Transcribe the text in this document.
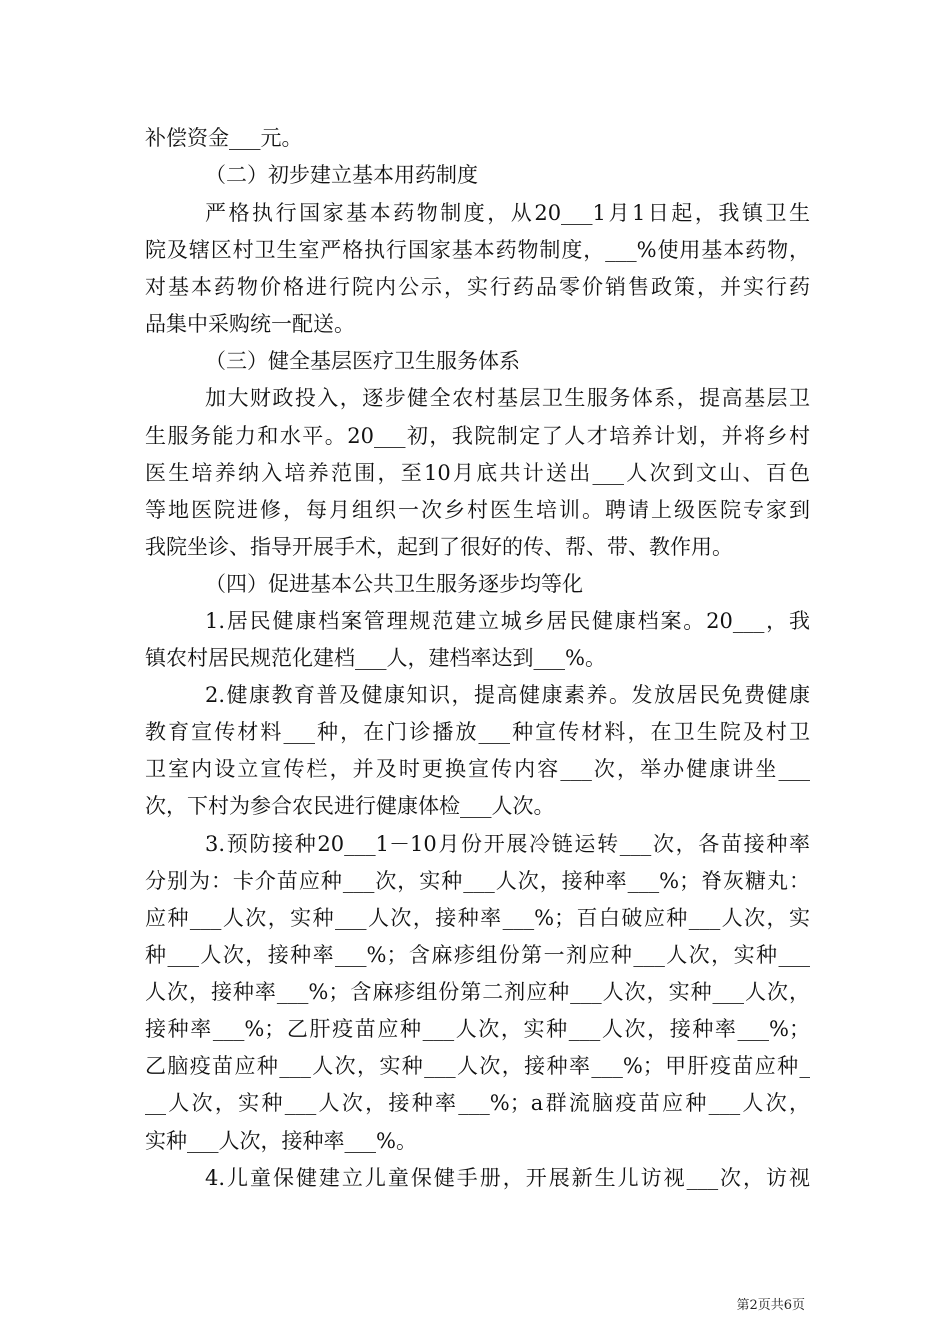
补偿资金___元。
（二）初步建立基本用药制度
严格执行国家基本药物制度，从20___1月1日起，我镇卫生
院及辖区村卫生室严格执行国家基本药物制度，___%使用基本药物，
对基本药物价格进行院内公示，实行药品零价销售政策，并实行药
品集中采购统一配送。
（三）健全基层医疗卫生服务体系
加大财政投入，逐步健全农村基层卫生服务体系，提高基层卫
生服务能力和水平。20___初，我院制定了人才培养计划，并将乡村
医生培养纳入培养范围，至10月底共计送出___人次到文山、百色
等地医院进修，每月组织一次乡村医生培训。聘请上级医院专家到
我院坐诊、指导开展手术，起到了很好的传、帮、带、教作用。
（四）促进基本公共卫生服务逐步均等化
1.居民健康档案管理规范建立城乡居民健康档案。20___，我
镇农村居民规范化建档___人，建档率达到___%。
2.健康教育普及健康知识，提高健康素养。发放居民免费健康
教育宣传材料___种，在门诊播放___种宣传材料，在卫生院及村卫
卫室内设立宣传栏，并及时更换宣传内容___次，举办健康讲坐___
次，下村为参合农民进行健康体检___人次。
3.预防接种20___1－10月份开展冷链运转___次，各苗接种率
分别为：卡介苗应种___次，实种___人次，接种率___%；脊灰糖丸：
应种___人次，实种___人次，接种率___%；百白破应种___人次，实
种___人次，接种率___%；含麻疹组份第一剂应种___人次，实种___
人次，接种率___%；含麻疹组份第二剂应种___人次，实种___人次，
接种率___%；乙肝疫苗应种___人次，实种___人次，接种率___%；
乙脑疫苗应种___人次，实种___人次，接种率___%；甲肝疫苗应种_
__人次，实种___人次，接种率___%；a群流脑疫苗应种___人次，
实种___人次，接种率___%。
4.儿童保健建立儿童保健手册，开展新生儿访视___次，访视
第2页共6页
